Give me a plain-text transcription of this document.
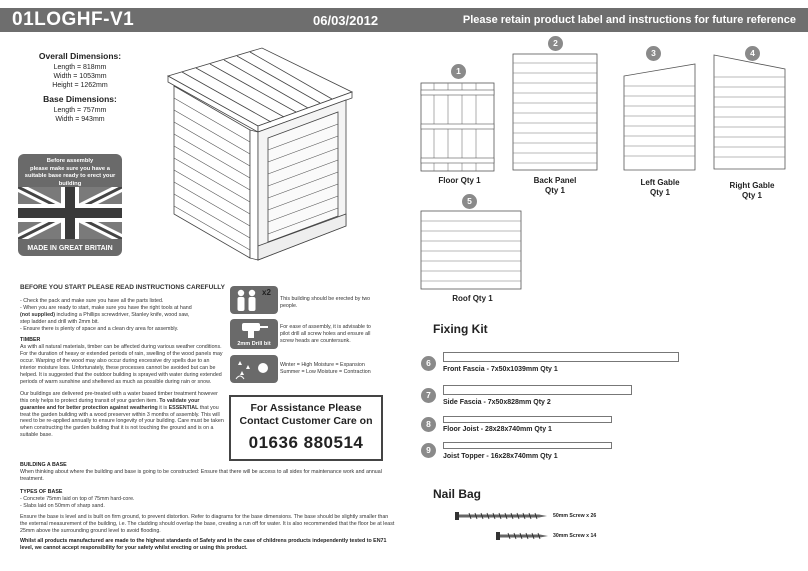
01LOGHF-V1	06/03/2012	Please retain product label and instructions for future reference
Overall Dimensions:
Length = 818mm
Width = 1053mm
Height = 1262mm
Base Dimensions:
Length = 757mm
Width = 943mm
Before assembly
please make sure you have a
suitable base ready to erect your
building
MADE IN GREAT BRITAIN
1
Floor Qty 1
2
Back Panel
Qty 1
3
Left Gable
Qty 1
4
Right Gable
Qty 1
5
Roof Qty 1
BEFORE YOU START PLEASE READ INSTRUCTIONS CAREFULLY
- Check the pack and make sure you have all the parts listed.
- When you are ready to start, make sure you have the right tools at hand
(not supplied) including a Phillips screwdriver, Stanley knife, wood saw,
step ladder and drill with 2mm bit.
- Ensure there is plenty of space and a clean dry area for assembly.
TIMBER

As with all natural materials, timber can be affected during various weather conditions. For the duration of heavy or extended periods of rain, swelling of the wood panels may occur. Warping of the wood may also occur during excessive dry spells due to an interior moisture loss. Unfortunately, these processes cannot be avoided but can be helped. It is suggested that the outdoor building is sprayed with water during extended periods of warm sunshine and sheltered as much as possible during rain or snow.

Our buildings are delivered pre-treated with a water based timber treatment however this only helps to protect during transit of your garden item. To validate your guarantee and for better protection against weathering it is ESSENTIAL that you treat the garden building with a wood preserver within 3 months of assembly. This will need to be re-applied annually to ensure longevity of your building. Care must be taken when constructing the garden building that it is not touching the ground and is on a suitable base.

BUILDING A BASE
When thinking about where the building and base is going to be constructed: Ensure that there will be access to all sides for maintenance work and annual treatment.
TYPES OF BASE
- Concrete 75mm laid on top of 75mm hard-core.
- Slabs laid on 50mm of sharp sand.
Ensure the base is level and is built on firm ground, to prevent distortion. Refer to diagrams for the base dimensions. The base should be slightly smaller than the external measurement of the building, i.e. The cladding should overlap the base, creating a run off for water. It is also recommended that the floor be at least 25mm above the surrounding ground level to avoid flooding.
Whilst all products manufactured are made to the highest standards of Safety and in the case of childrens products independently tested to EN71 level, we cannot accept responsibility for your safety whilst erecting or using this product.
x2
This building should be erected by two people.
2mm Drill bit
For ease of assembly, it is advisable to pilot drill all screw holes and ensure all screw heads are countersunk.
Winter = High Moisture = Expansion
Summer = Low Moisture = Contraction
For Assistance Please
Contact Customer Care on
01636 880514
Fixing Kit
6
Front Fascia - 7x50x1039mm Qty 1
7
Side Fascia - 7x50x828mm Qty 2
8
Floor Joist - 28x28x740mm Qty 1
9
Joist Topper - 16x28x740mm Qty 1
Nail Bag
50mm Screw x 26
30mm Screw x 14
